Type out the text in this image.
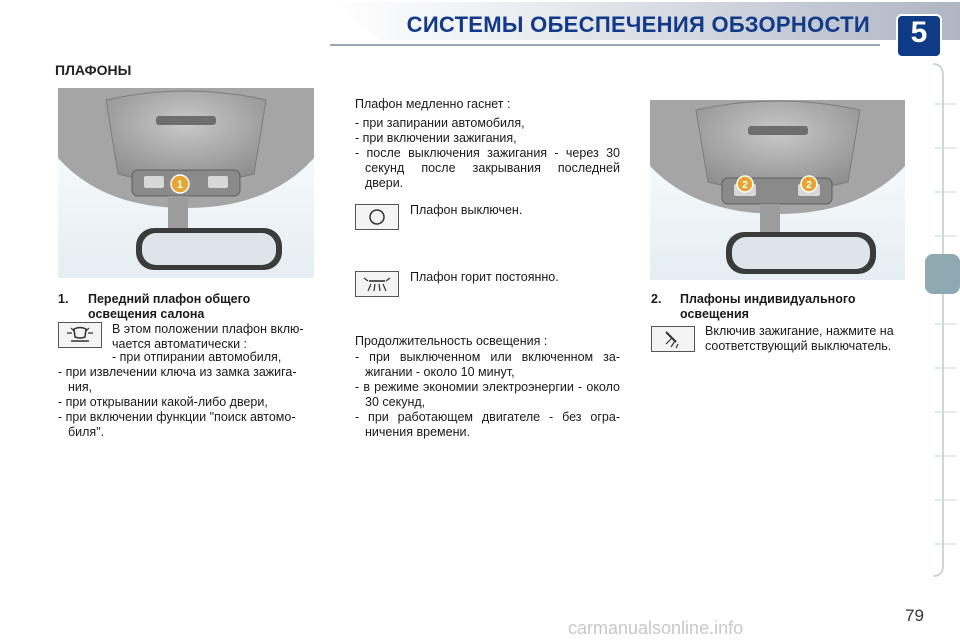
СИСТЕМЫ ОБЕСПЕЧЕНИЯ ОБЗОРНОСТИ	5
ПЛАФОНЫ
1
1.	Передний плафон общего освещения салона
В этом положении плафон вклю-чается автоматически :
- при отпирании автомобиля,
- при извлечении ключа из замка зажига-ния,
- при открывании какой-либо двери,
- при включении функции "поиск автомо-биля".
Плафон медленно гаснет :
- при запирании автомобиля,
- при включении зажигания,
- после выключения зажигания - через 30 секунд после закрывания последней двери.
Плафон выключен.
Плафон горит постоянно.
Продолжительность освещения :
- при выключенном или включенном за-жигании - около 10 минут,
- в режиме экономии электроэнергии - около 30 секунд,
- при работающем двигателе - без огра-ничения времени.
2	2
2.	Плафоны индивидуального освещения
Включив зажигание, нажмите на соответствующий выключатель.
79
carmanualsonline.info
